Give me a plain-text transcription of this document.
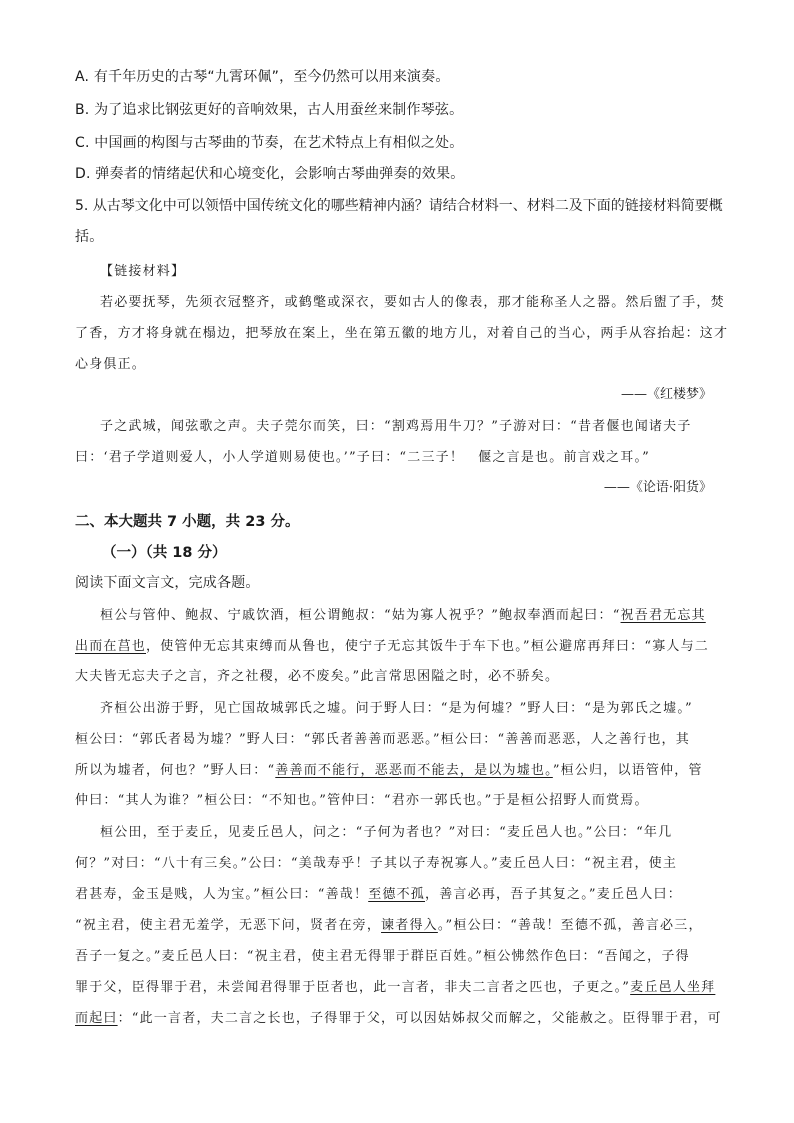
A. 有千年历史的古琴“九霄环佩”，至今仍然可以用来演奏。
B. 为了追求比钢弦更好的音响效果，古人用蚕丝来制作琴弦。
C. 中国画的构图与古琴曲的节奏，在艺术特点上有相似之处。
D. 弹奏者的情绪起伏和心境变化，会影响古琴曲弹奏的效果。
5. 从古琴文化中可以领悟中国传统文化的哪些精神内涵？请结合材料一、材料二及下面的链接材料简要概
括。
【链接材料】
若必要抚琴，先须衣冠整齐，或鹤氅或深衣，要如古人的像表，那才能称圣人之器。然后盥了手，焚
了香，方才将身就在榻边，把琴放在案上，坐在第五徽的地方儿，对着自己的当心，两手从容抬起：这才
心身俱正。
——《红楼梦》
子之武城，闻弦歌之声。夫子莞尔而笑，曰：“割鸡焉用牛刀？”子游对曰：“昔者偃也闻诸夫子
曰：‘君子学道则爱人，小人学道则易使也。’”子曰：“二三子！　偃之言是也。前言戏之耳。”
——《论语·阳货》
二、本大题共 7 小题，共 23 分。
（一）（共 18 分）
阅读下面文言文，完成各题。
桓公与管仲、鲍叔、宁戚饮酒，桓公谓鲍叔：“姑为寡人祝乎？”鲍叔奉酒而起曰：“祝吾君无忘其
出而在莒也，使管仲无忘其束缚而从鲁也，使宁子无忘其饭牛于车下也。”桓公避席再拜曰：“寡人与二
大夫皆无忘夫子之言，齐之社稷，必不废矣。”此言常思困隘之时，必不骄矣。
齐桓公出游于野，见亡国故城郭氏之墟。问于野人曰：“是为何墟？”野人曰：“是为郭氏之墟。”
桓公曰：“郭氏者曷为墟？”野人曰：“郭氏者善善而恶恶。”桓公曰：“善善而恶恶，人之善行也，其
所以为墟者，何也？”野人曰：“善善而不能行，恶恶而不能去，是以为墟也。”桓公归，以语管仲，管
仲曰：“其人为谁？”桓公曰：“不知也。”管仲曰：“君亦一郭氏也。”于是桓公招野人而赏焉。
桓公田，至于麦丘，见麦丘邑人，问之：“子何为者也？”对曰：“麦丘邑人也。”公曰：“年几
何？”对曰：“八十有三矣。”公曰：“美哉寿乎！子其以子寿祝寡人。”麦丘邑人曰：“祝主君，使主
君甚寿，金玉是贱，人为宝。”桓公曰：“善哉！至德不孤，善言必再，吾子其复之。”麦丘邑人曰：
“祝主君，使主君无羞学，无恶下问，贤者在旁，谏者得入。”桓公曰：“善哉！至德不孤，善言必三，
吾子一复之。”麦丘邑人曰：“祝主君，使主君无得罪于群臣百姓。”桓公怫然作色曰：“吾闻之，子得
罪于父，臣得罪于君，未尝闻君得罪于臣者也，此一言者，非夫二言者之匹也，子更之。”麦丘邑人坐拜
而起曰：“此一言者，夫二言之长也，子得罪于父，可以因姑姊叔父而解之，父能赦之。臣得罪于君，可
